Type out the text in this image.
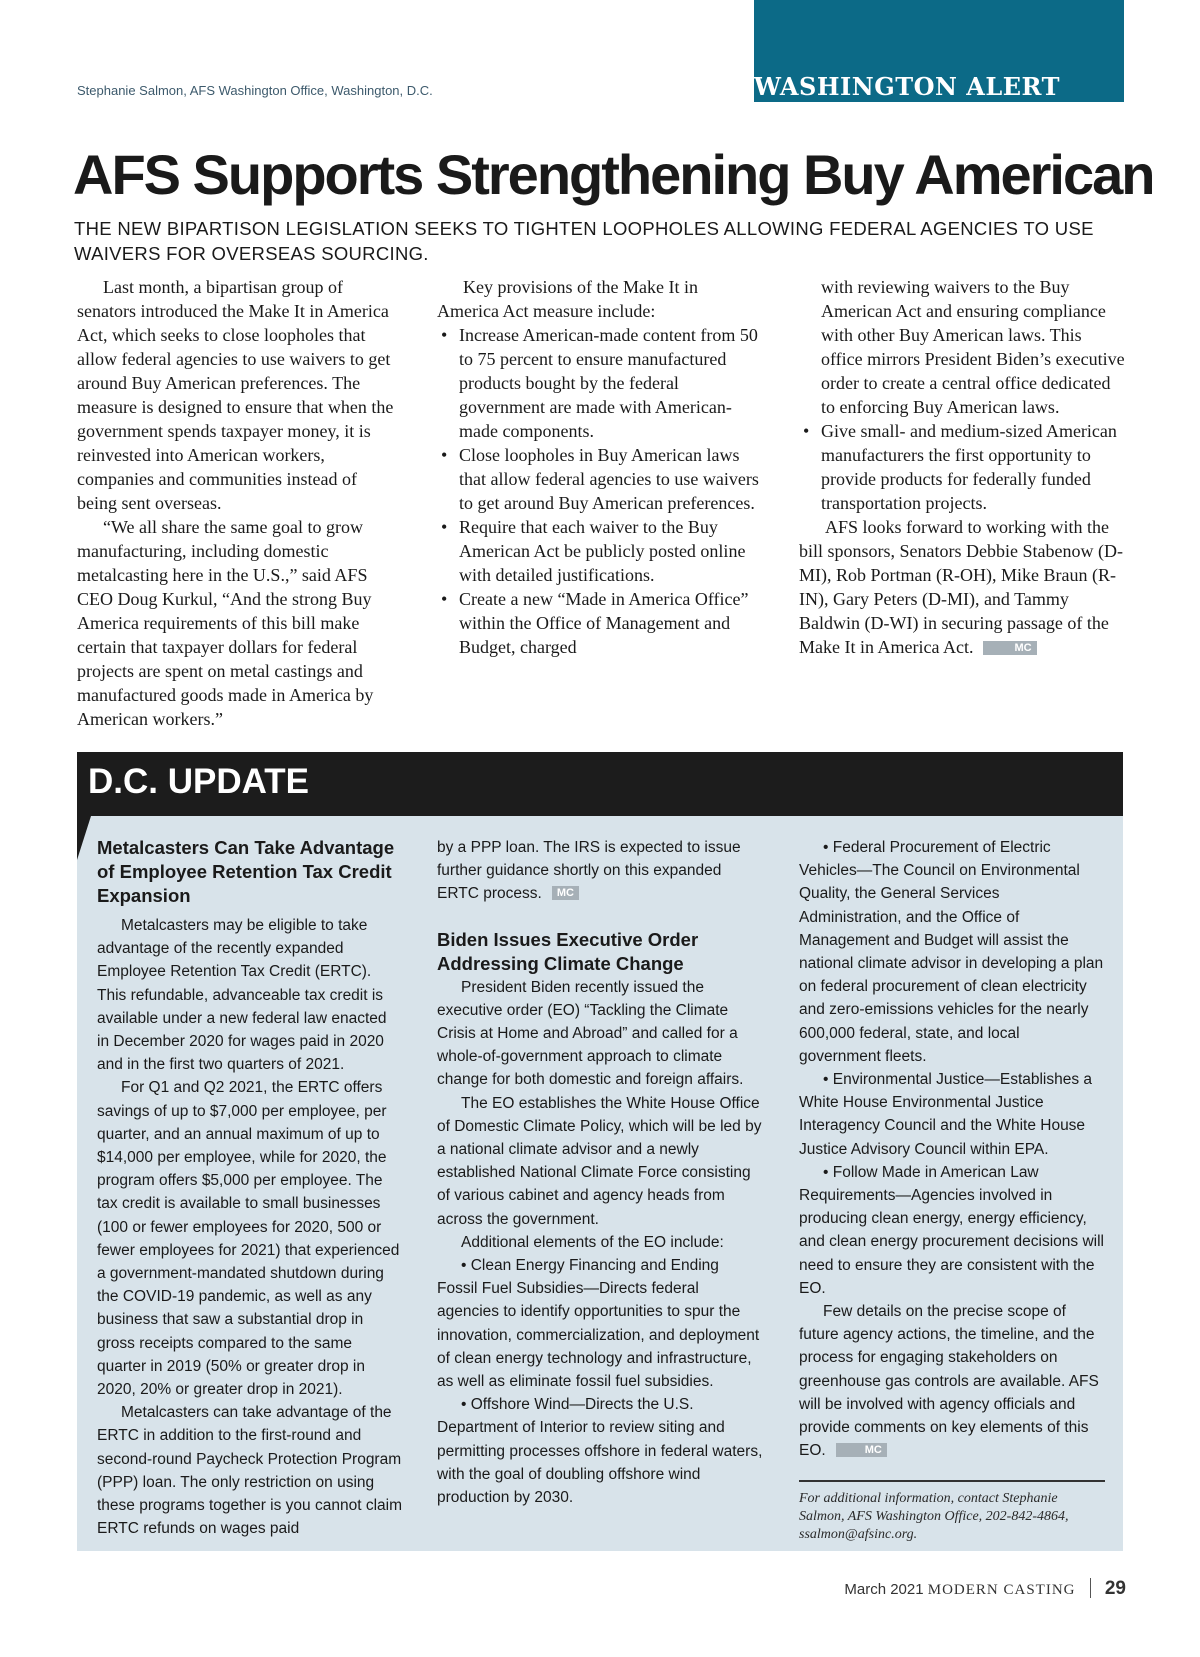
Stephanie Salmon, AFS Washington Office, Washington, D.C.	WASHINGTON ALERT
AFS Supports Strengthening Buy American

THE NEW BIPARTISON LEGISLATION SEEKS TO TIGHTEN LOOPHOLES ALLOWING FEDERAL AGENCIES TO USE WAIVERS FOR OVERSEAS SOURCING.

Last month, a bipartisan group of senators introduced the Make It in America Act, which seeks to close loopholes that allow federal agencies to use waivers to get around Buy American preferences. The measure is designed to ensure that when the government spends taxpayer money, it is reinvested into American workers, companies and communities instead of being sent overseas.

“We all share the same goal to grow manufacturing, including domestic metalcasting here in the U.S.,” said AFS CEO Doug Kurkul, “And the strong Buy America requirements of this bill make certain that taxpayer dollars for federal projects are spent on metal castings and manufactured goods made in America by American workers.”

Key provisions of the Make It in America Act measure include:

• Increase American-made content from 50 to 75 percent to ensure manufactured products bought by the federal government are made with American-made components.
• Close loopholes in Buy American laws that allow federal agencies to use waivers to get around Buy American preferences.
• Require that each waiver to the Buy American Act be publicly posted online with detailed justifications.
• Create a new “Made in America Office” within the Office of Management and Budget, charged

with reviewing waivers to the Buy American Act and ensuring compliance with other Buy American laws. This office mirrors President Biden’s executive order to create a central office dedicated to enforcing Buy American laws.

• Give small- and medium-sized American manufacturers the first opportunity to provide products for federally funded transportation projects.

AFS looks forward to working with the bill sponsors, Senators Debbie Stabenow (D-MI), Rob Portman (R-OH), Mike Braun (R-IN), Gary Peters (D-MI), and Tammy Baldwin (D-WI) in securing passage of the Make It in America Act.	MC

D.C. UPDATE

Metalcasters Can Take Advantage of Employee Retention Tax Credit Expansion

Metalcasters may be eligible to take advantage of the recently expanded Employee Retention Tax Credit (ERTC). This refundable, advanceable tax credit is available under a new federal law enacted in December 2020 for wages paid in 2020 and in the first two quarters of 2021.

For Q1 and Q2 2021, the ERTC offers savings of up to $7,000 per employee, per quarter, and an annual maximum of up to $14,000 per employee, while for 2020, the program offers $5,000 per employee. The tax credit is available to small businesses (100 or fewer employees for 2020, 500 or fewer employees for 2021) that experienced a government-mandated shutdown during the COVID-19 pandemic, as well as any business that saw a substantial drop in gross receipts compared to the same quarter in 2019 (50% or greater drop in 2020, 20% or greater drop in 2021).

Metalcasters can take advantage of the ERTC in addition to the first-round and second-round Paycheck Protection Program (PPP) loan. The only restriction on using these programs together is you cannot claim ERTC refunds on wages paid

by a PPP loan. The IRS is expected to issue further guidance shortly on this expanded ERTC process. MC

Biden Issues Executive Order Addressing Climate Change

President Biden recently issued the executive order (EO) “Tackling the Climate Crisis at Home and Abroad” and called for a whole-of-government approach to climate change for both domestic and foreign affairs.

The EO establishes the White House Office of Domestic Climate Policy, which will be led by a national climate advisor and a newly established National Climate Force consisting of various cabinet and agency heads from across the government.

Additional elements of the EO include:

• Clean Energy Financing and Ending Fossil Fuel Subsidies—Directs federal agencies to identify opportunities to spur the innovation, commercialization, and deployment of clean energy technology and infrastructure, as well as eliminate fossil fuel subsidies.

• Offshore Wind—Directs the U.S. Department of Interior to review siting and permitting processes offshore in federal waters, with the goal of doubling offshore wind production by 2030.

• Federal Procurement of Electric Vehicles—The Council on Environmental Quality, the General Services Administration, and the Office of Management and Budget will assist the national climate advisor in developing a plan on federal procurement of clean electricity and zero-emissions vehicles for the nearly 600,000 federal, state, and local government fleets.

• Environmental Justice—Establishes a White House Environmental Justice Interagency Council and the White House Justice Advisory Council within EPA.

• Follow Made in American Law Requirements—Agencies involved in producing clean energy, energy efficiency, and clean energy procurement decisions will need to ensure they are consistent with the EO.

Few details on the precise scope of future agency actions, the timeline, and the process for engaging stakeholders on greenhouse gas controls are available. AFS will be involved with agency officials and provide comments on key elements of this EO.	MC

For additional information, contact Stephanie Salmon, AFS Washington Office, 202-842-4864, ssalmon@afsinc.org.

March 2021 MODERN CASTING 29
